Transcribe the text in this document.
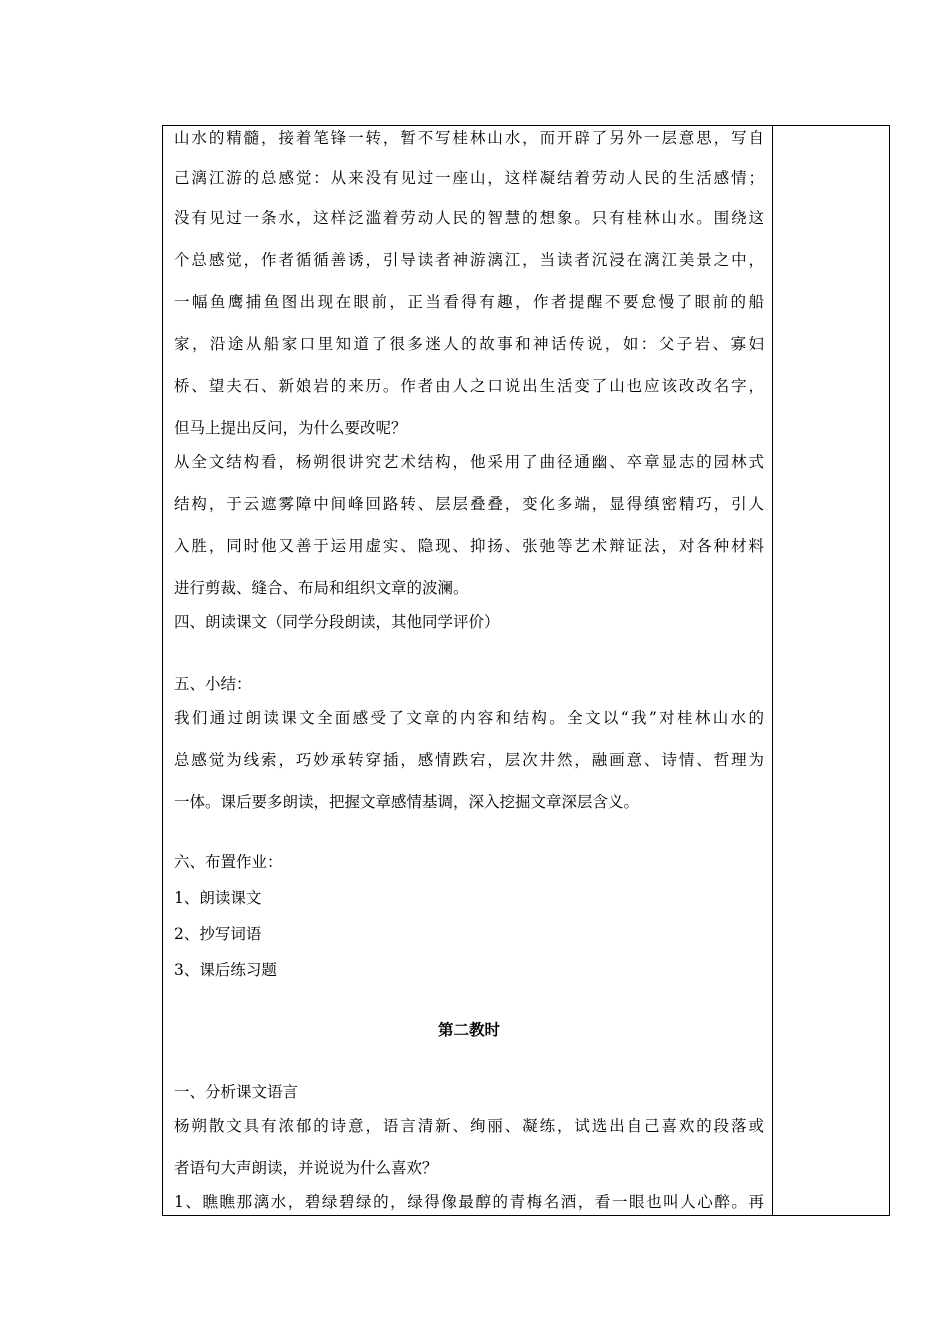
山水的精髓，接着笔锋一转，暂不写桂林山水，而开辟了另外一层意思，写自
己漓江游的总感觉：从来没有见过一座山，这样凝结着劳动人民的生活感情；
没有见过一条水，这样泛滥着劳动人民的智慧的想象。只有桂林山水。围绕这
个总感觉，作者循循善诱，引导读者神游漓江，当读者沉浸在漓江美景之中，
一幅鱼鹰捕鱼图出现在眼前，正当看得有趣，作者提醒不要怠慢了眼前的船
家，沿途从船家口里知道了很多迷人的故事和神话传说，如：父子岩、寡妇
桥、望夫石、新娘岩的来历。作者由人之口说出生活变了山也应该改改名字，
但马上提出反问，为什么要改呢？
从全文结构看，杨朔很讲究艺术结构，他采用了曲径通幽、卒章显志的园林式
结构，于云遮雾障中间峰回路转、层层叠叠，变化多端，显得缜密精巧，引人
入胜，同时他又善于运用虚实、隐现、抑扬、张弛等艺术辩证法，对各种材料
进行剪裁、缝合、布局和组织文章的波澜。
四、朗读课文（同学分段朗读，其他同学评价）
五、小结：
我们通过朗读课文全面感受了文章的内容和结构。全文以“我”对桂林山水的
总感觉为线索，巧妙承转穿插，感情跌宕，层次井然，融画意、诗情、哲理为
一体。课后要多朗读，把握文章感情基调，深入挖掘文章深层含义。
六、布置作业：
1、朗读课文
2、抄写词语
3、课后练习题
第二教时
一、分析课文语言
杨朔散文具有浓郁的诗意，语言清新、绚丽、凝练，试选出自己喜欢的段落或
者语句大声朗读，并说说为什么喜欢？
1、瞧瞧那漓水，碧绿碧绿的，绿得像最醇的青梅名酒，看一眼也叫人心醉。再
